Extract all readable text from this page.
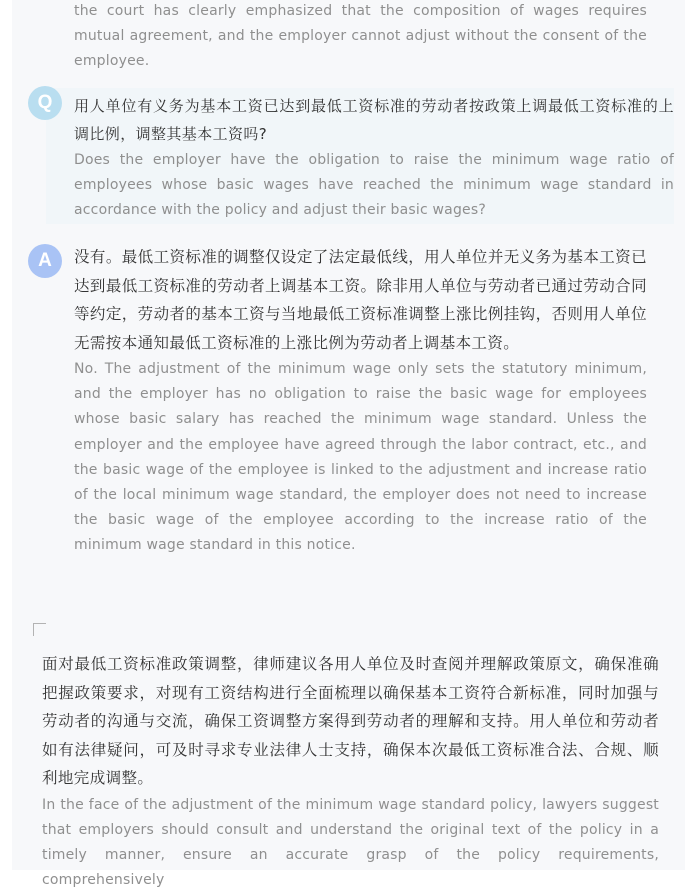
the court has clearly emphasized that the composition of wages requires mutual agreement, and the employer cannot adjust without the consent of the employee.

Q	用人单位有义务为基本工资已达到最低工资标准的劳动者按政策上调最低工资标准的上调比例，调整其基本工资吗?

Does the employer have the obligation to raise the minimum wage ratio of employees whose basic wages have reached the minimum wage standard in accordance with the policy and adjust their basic wages?

A	没有。最低工资标准的调整仅设定了法定最低线，用人单位并无义务为基本工资已达到最低工资标准的劳动者上调基本工资。除非用人单位与劳动者已通过劳动合同等约定，劳动者的基本工资与当地最低工资标准调整上涨比例挂钩，否则用人单位无需按本通知最低工资标准的上涨比例为劳动者上调基本工资。

No. The adjustment of the minimum wage only sets the statutory minimum, and the employer has no obligation to raise the basic wage for employees whose basic salary has reached the minimum wage standard. Unless the employer and the employee have agreed through the labor contract, etc., and the basic wage of the employee is linked to the adjustment and increase ratio of the local minimum wage standard, the employer does not need to increase the basic wage of the employee according to the increase ratio of the minimum wage standard in this notice.

面对最低工资标准政策调整，律师建议各用人单位及时查阅并理解政策原文，确保准确把握政策要求，对现有工资结构进行全面梳理以确保基本工资符合新标准，同时加强与劳动者的沟通与交流，确保工资调整方案得到劳动者的理解和支持。用人单位和劳动者如有法律疑问，可及时寻求专业法律人士支持，确保本次最低工资标准合法、合规、顺利地完成调整。

In the face of the adjustment of the minimum wage standard policy, lawyers suggest that employers should consult and understand the original text of the policy in a timely manner, ensure an accurate grasp of the policy requirements, comprehensively
